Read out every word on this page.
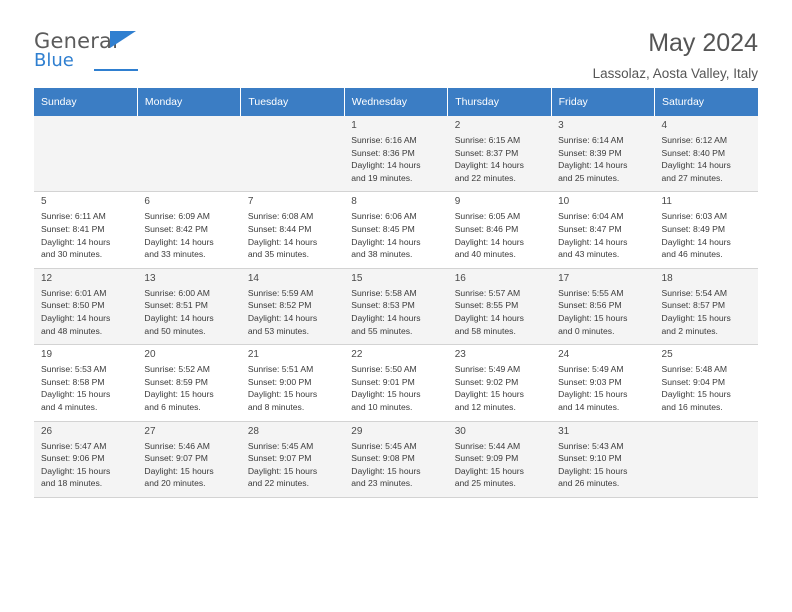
General
Blue
May 2024
Lassolaz, Aosta Valley, Italy
Sunday	Monday	Tuesday	Wednesday	Thursday	Friday	Saturday

			1
Sunrise: 6:16 AM
Sunset: 8:36 PM
Daylight: 14 hours
and 19 minutes.	2
Sunrise: 6:15 AM
Sunset: 8:37 PM
Daylight: 14 hours
and 22 minutes.	3
Sunrise: 6:14 AM
Sunset: 8:39 PM
Daylight: 14 hours
and 25 minutes.	4
Sunrise: 6:12 AM
Sunset: 8:40 PM
Daylight: 14 hours
and 27 minutes.

5
Sunrise: 6:11 AM
Sunset: 8:41 PM
Daylight: 14 hours
and 30 minutes.	6
Sunrise: 6:09 AM
Sunset: 8:42 PM
Daylight: 14 hours
and 33 minutes.	7
Sunrise: 6:08 AM
Sunset: 8:44 PM
Daylight: 14 hours
and 35 minutes.	8
Sunrise: 6:06 AM
Sunset: 8:45 PM
Daylight: 14 hours
and 38 minutes.	9
Sunrise: 6:05 AM
Sunset: 8:46 PM
Daylight: 14 hours
and 40 minutes.	10
Sunrise: 6:04 AM
Sunset: 8:47 PM
Daylight: 14 hours
and 43 minutes.	11
Sunrise: 6:03 AM
Sunset: 8:49 PM
Daylight: 14 hours
and 46 minutes.

12
Sunrise: 6:01 AM
Sunset: 8:50 PM
Daylight: 14 hours
and 48 minutes.	13
Sunrise: 6:00 AM
Sunset: 8:51 PM
Daylight: 14 hours
and 50 minutes.	14
Sunrise: 5:59 AM
Sunset: 8:52 PM
Daylight: 14 hours
and 53 minutes.	15
Sunrise: 5:58 AM
Sunset: 8:53 PM
Daylight: 14 hours
and 55 minutes.	16
Sunrise: 5:57 AM
Sunset: 8:55 PM
Daylight: 14 hours
and 58 minutes.	17
Sunrise: 5:55 AM
Sunset: 8:56 PM
Daylight: 15 hours
and 0 minutes.	18
Sunrise: 5:54 AM
Sunset: 8:57 PM
Daylight: 15 hours
and 2 minutes.

19
Sunrise: 5:53 AM
Sunset: 8:58 PM
Daylight: 15 hours
and 4 minutes.	20
Sunrise: 5:52 AM
Sunset: 8:59 PM
Daylight: 15 hours
and 6 minutes.	21
Sunrise: 5:51 AM
Sunset: 9:00 PM
Daylight: 15 hours
and 8 minutes.	22
Sunrise: 5:50 AM
Sunset: 9:01 PM
Daylight: 15 hours
and 10 minutes.	23
Sunrise: 5:49 AM
Sunset: 9:02 PM
Daylight: 15 hours
and 12 minutes.	24
Sunrise: 5:49 AM
Sunset: 9:03 PM
Daylight: 15 hours
and 14 minutes.	25
Sunrise: 5:48 AM
Sunset: 9:04 PM
Daylight: 15 hours
and 16 minutes.

26
Sunrise: 5:47 AM
Sunset: 9:06 PM
Daylight: 15 hours
and 18 minutes.	27
Sunrise: 5:46 AM
Sunset: 9:07 PM
Daylight: 15 hours
and 20 minutes.	28
Sunrise: 5:45 AM
Sunset: 9:07 PM
Daylight: 15 hours
and 22 minutes.	29
Sunrise: 5:45 AM
Sunset: 9:08 PM
Daylight: 15 hours
and 23 minutes.	30
Sunrise: 5:44 AM
Sunset: 9:09 PM
Daylight: 15 hours
and 25 minutes.	31
Sunrise: 5:43 AM
Sunset: 9:10 PM
Daylight: 15 hours
and 26 minutes.	
